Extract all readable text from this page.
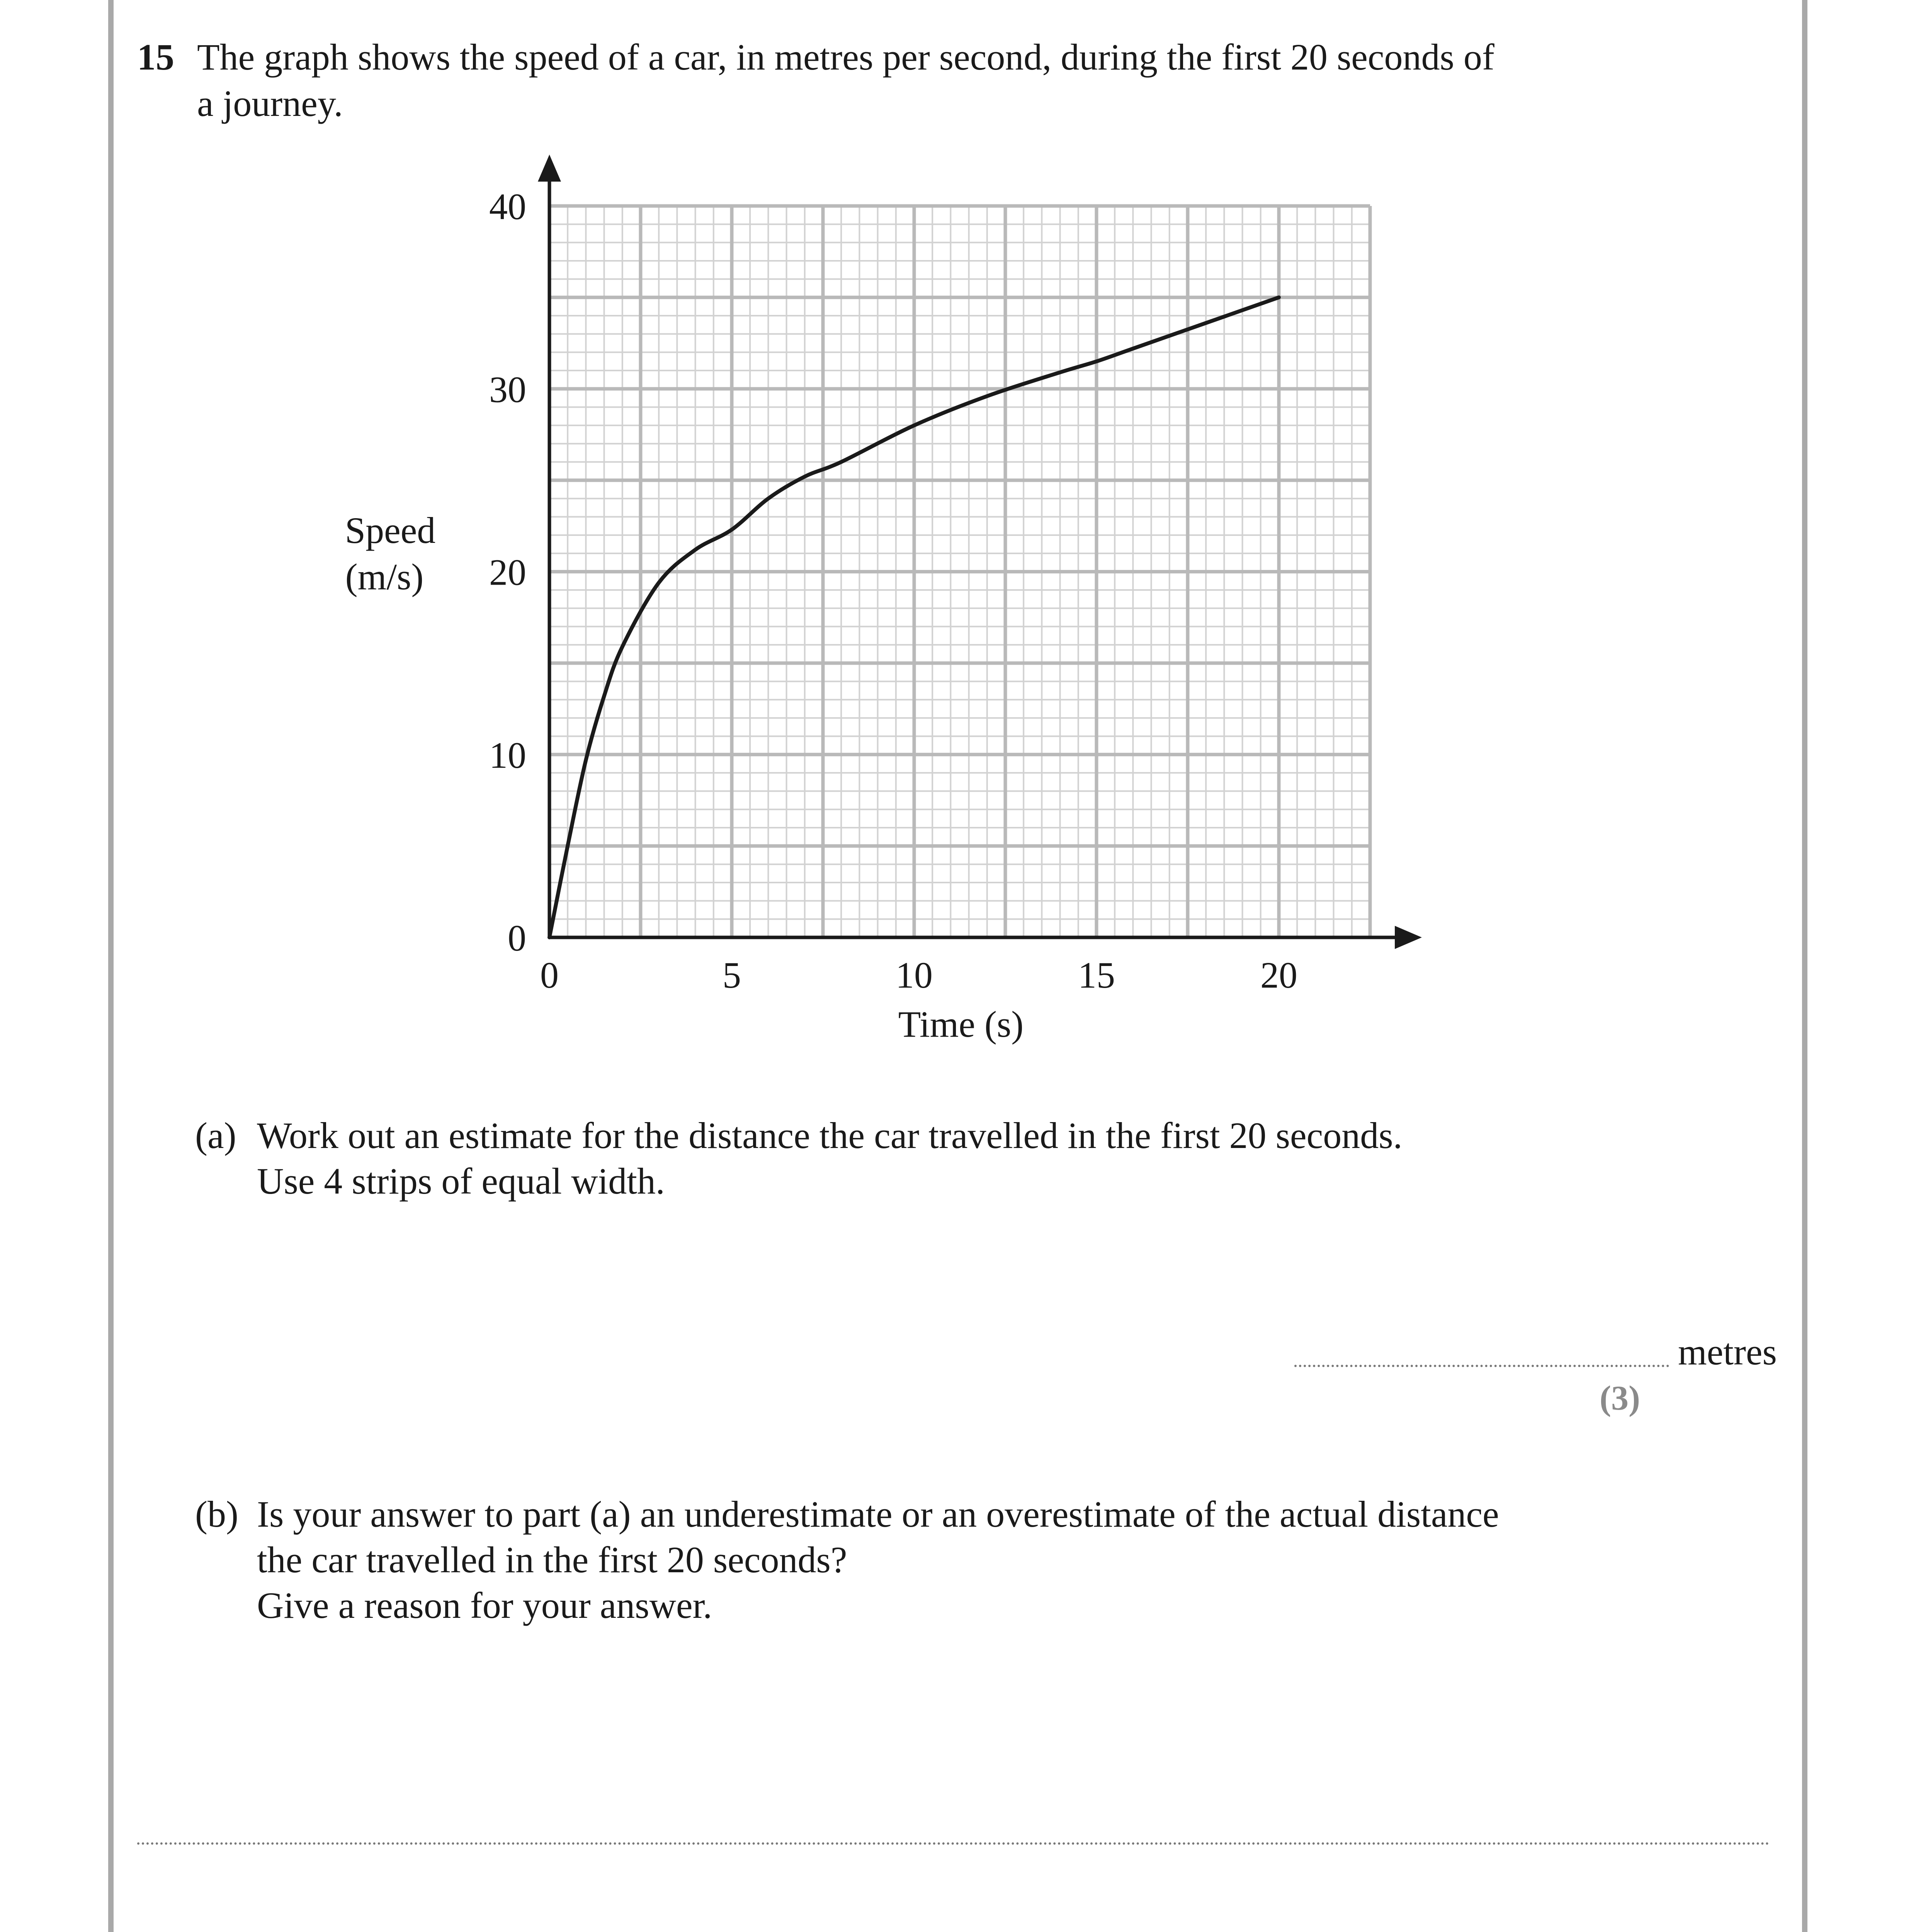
15 The graph shows the speed of a car, in metres per second, during the first 20 seconds of
a journey.
0
10
20
30
40
0	5	10	15	20
Time (s)
Speed
(m/s)
(a) Work out an estimate for the distance the car travelled in the first 20 seconds.
Use 4 strips of equal width.
metres
(3)
(b) Is your answer to part (a) an underestimate or an overestimate of the actual distance
the car travelled in the first 20 seconds?
Give a reason for your answer.
